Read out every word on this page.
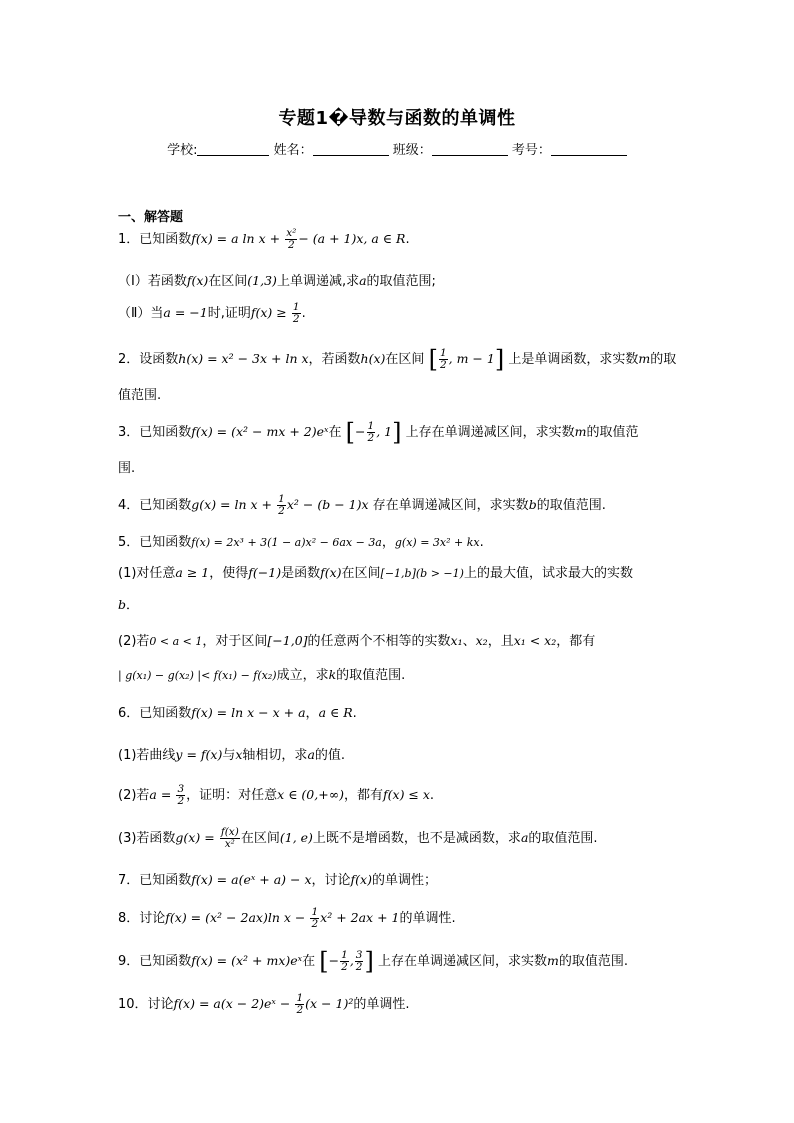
专题1�导数与函数的单调性
学校:	姓名：	班级：	考号：
一、解答题
1．已知函数f(x) = a $\ln x + \frac{\text{x²}}{2} - (a + 1)x$, a ∈ R.
（Ⅰ）若函数f(x)在区间(1,3)上单调递减,求a的取值范围;
（Ⅱ）当a = −1时,证明$f(x) \ge \frac{1}{2}$ .
2．设函数h(x) = x² − 3x + ln x，若函数h(x)在区间 [ $\frac{1}{2}$ , m − 1] 上是单调函数，求实数m的取
值范围.
3．已知函数f(x) = (x² − mx + 2)eˣ在 [− $\frac{1}{2}$ , 1] 上存在单调递减区间，求实数m的取值范
围.
4．已知函数$g(x) = \ln x + \frac{1}{2} x^2 - (b - 1)x$ 存在单调递减区间，求实数b的取值范围.
5．已知函数f(x) = 2x³ + 3(1 − a)x² − 6ax − 3a，g(x) = 3x² + kx.
(1)对任意a ≥ 1，使得f(−1)是函数f(x)在区间[−1,b](b > −1)上的最大值，试求最大的实数
b．
(2)若0 < a < 1，对于区间[−1,0]的任意两个不相等的实数x₁、x₂，且x₁ < x₂，都有
| g(x₁) − g(x₂) |< f(x₁) − f(x₂)成立，求k的取值范围.
6．已知函数f(x) = ln x − x + a，a ∈ R.
(1)若曲线y = f(x)与x轴相切，求a的值.
(2)若$a = \frac{3}{2}$ ，证明：对任意x ∈ (0,+∞)，都有f(x) ≤ x.
(3)若函数$g(x) = \frac{f(x)}{\text{x²}}$ 在区间(1, e)上既不是增函数，也不是减函数，求a的取值范围.
7．已知函数f(x) = a(eˣ + a) − x，讨论f(x)的单调性；
8．讨论f(x) = (x² − 2ax)ln $x - \frac{1}{2} x^2 + 2ax + 1$的单调性.
9．已知函数f(x) = (x² + mx)eˣ在 [− $\frac{1}{2}$ , $\frac{3}{2}$ ] 上存在单调递减区间，求实数m的取值范围.
10．讨论f(x) = a(x − 2)eˣ − $\frac{1}{2} (x - 1)^2$的单调性.
